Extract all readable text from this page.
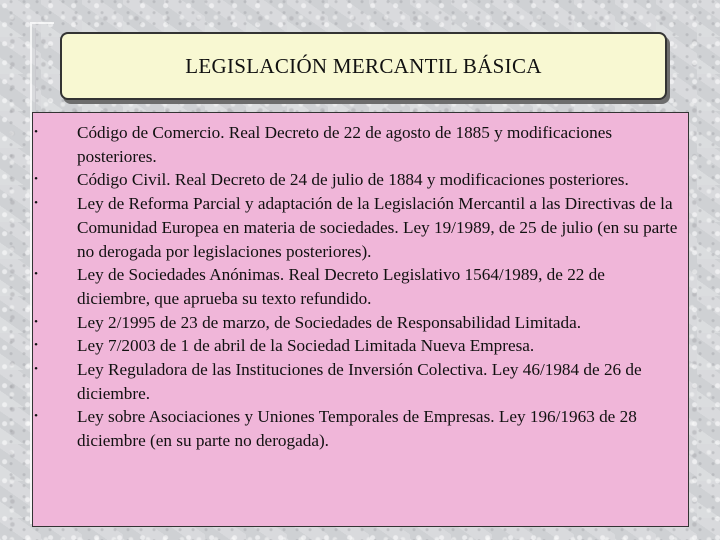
LEGISLACIÓN MERCANTIL BÁSICA
• Código de Comercio. Real Decreto de 22 de agosto de 1885 y modificaciones posteriores.
• Código Civil. Real Decreto de 24 de julio de 1884 y modificaciones posteriores.
• Ley de Reforma Parcial y adaptación de la Legislación Mercantil a las Directivas de la Comunidad Europea en materia de sociedades. Ley 19/1989, de 25 de julio (en su parte no derogada por legislaciones posteriores).
• Ley de Sociedades Anónimas. Real Decreto Legislativo 1564/1989, de 22 de diciembre, que aprueba su texto refundido.
• Ley 2/1995 de 23 de marzo, de Sociedades de Responsabilidad Limitada.
• Ley 7/2003 de 1 de abril de la Sociedad Limitada Nueva Empresa.
• Ley Reguladora de las Instituciones de Inversión Colectiva. Ley 46/1984 de 26 de diciembre.
• Ley sobre Asociaciones y Uniones Temporales de Empresas. Ley 196/1963 de 28 diciembre (en su parte no derogada).
